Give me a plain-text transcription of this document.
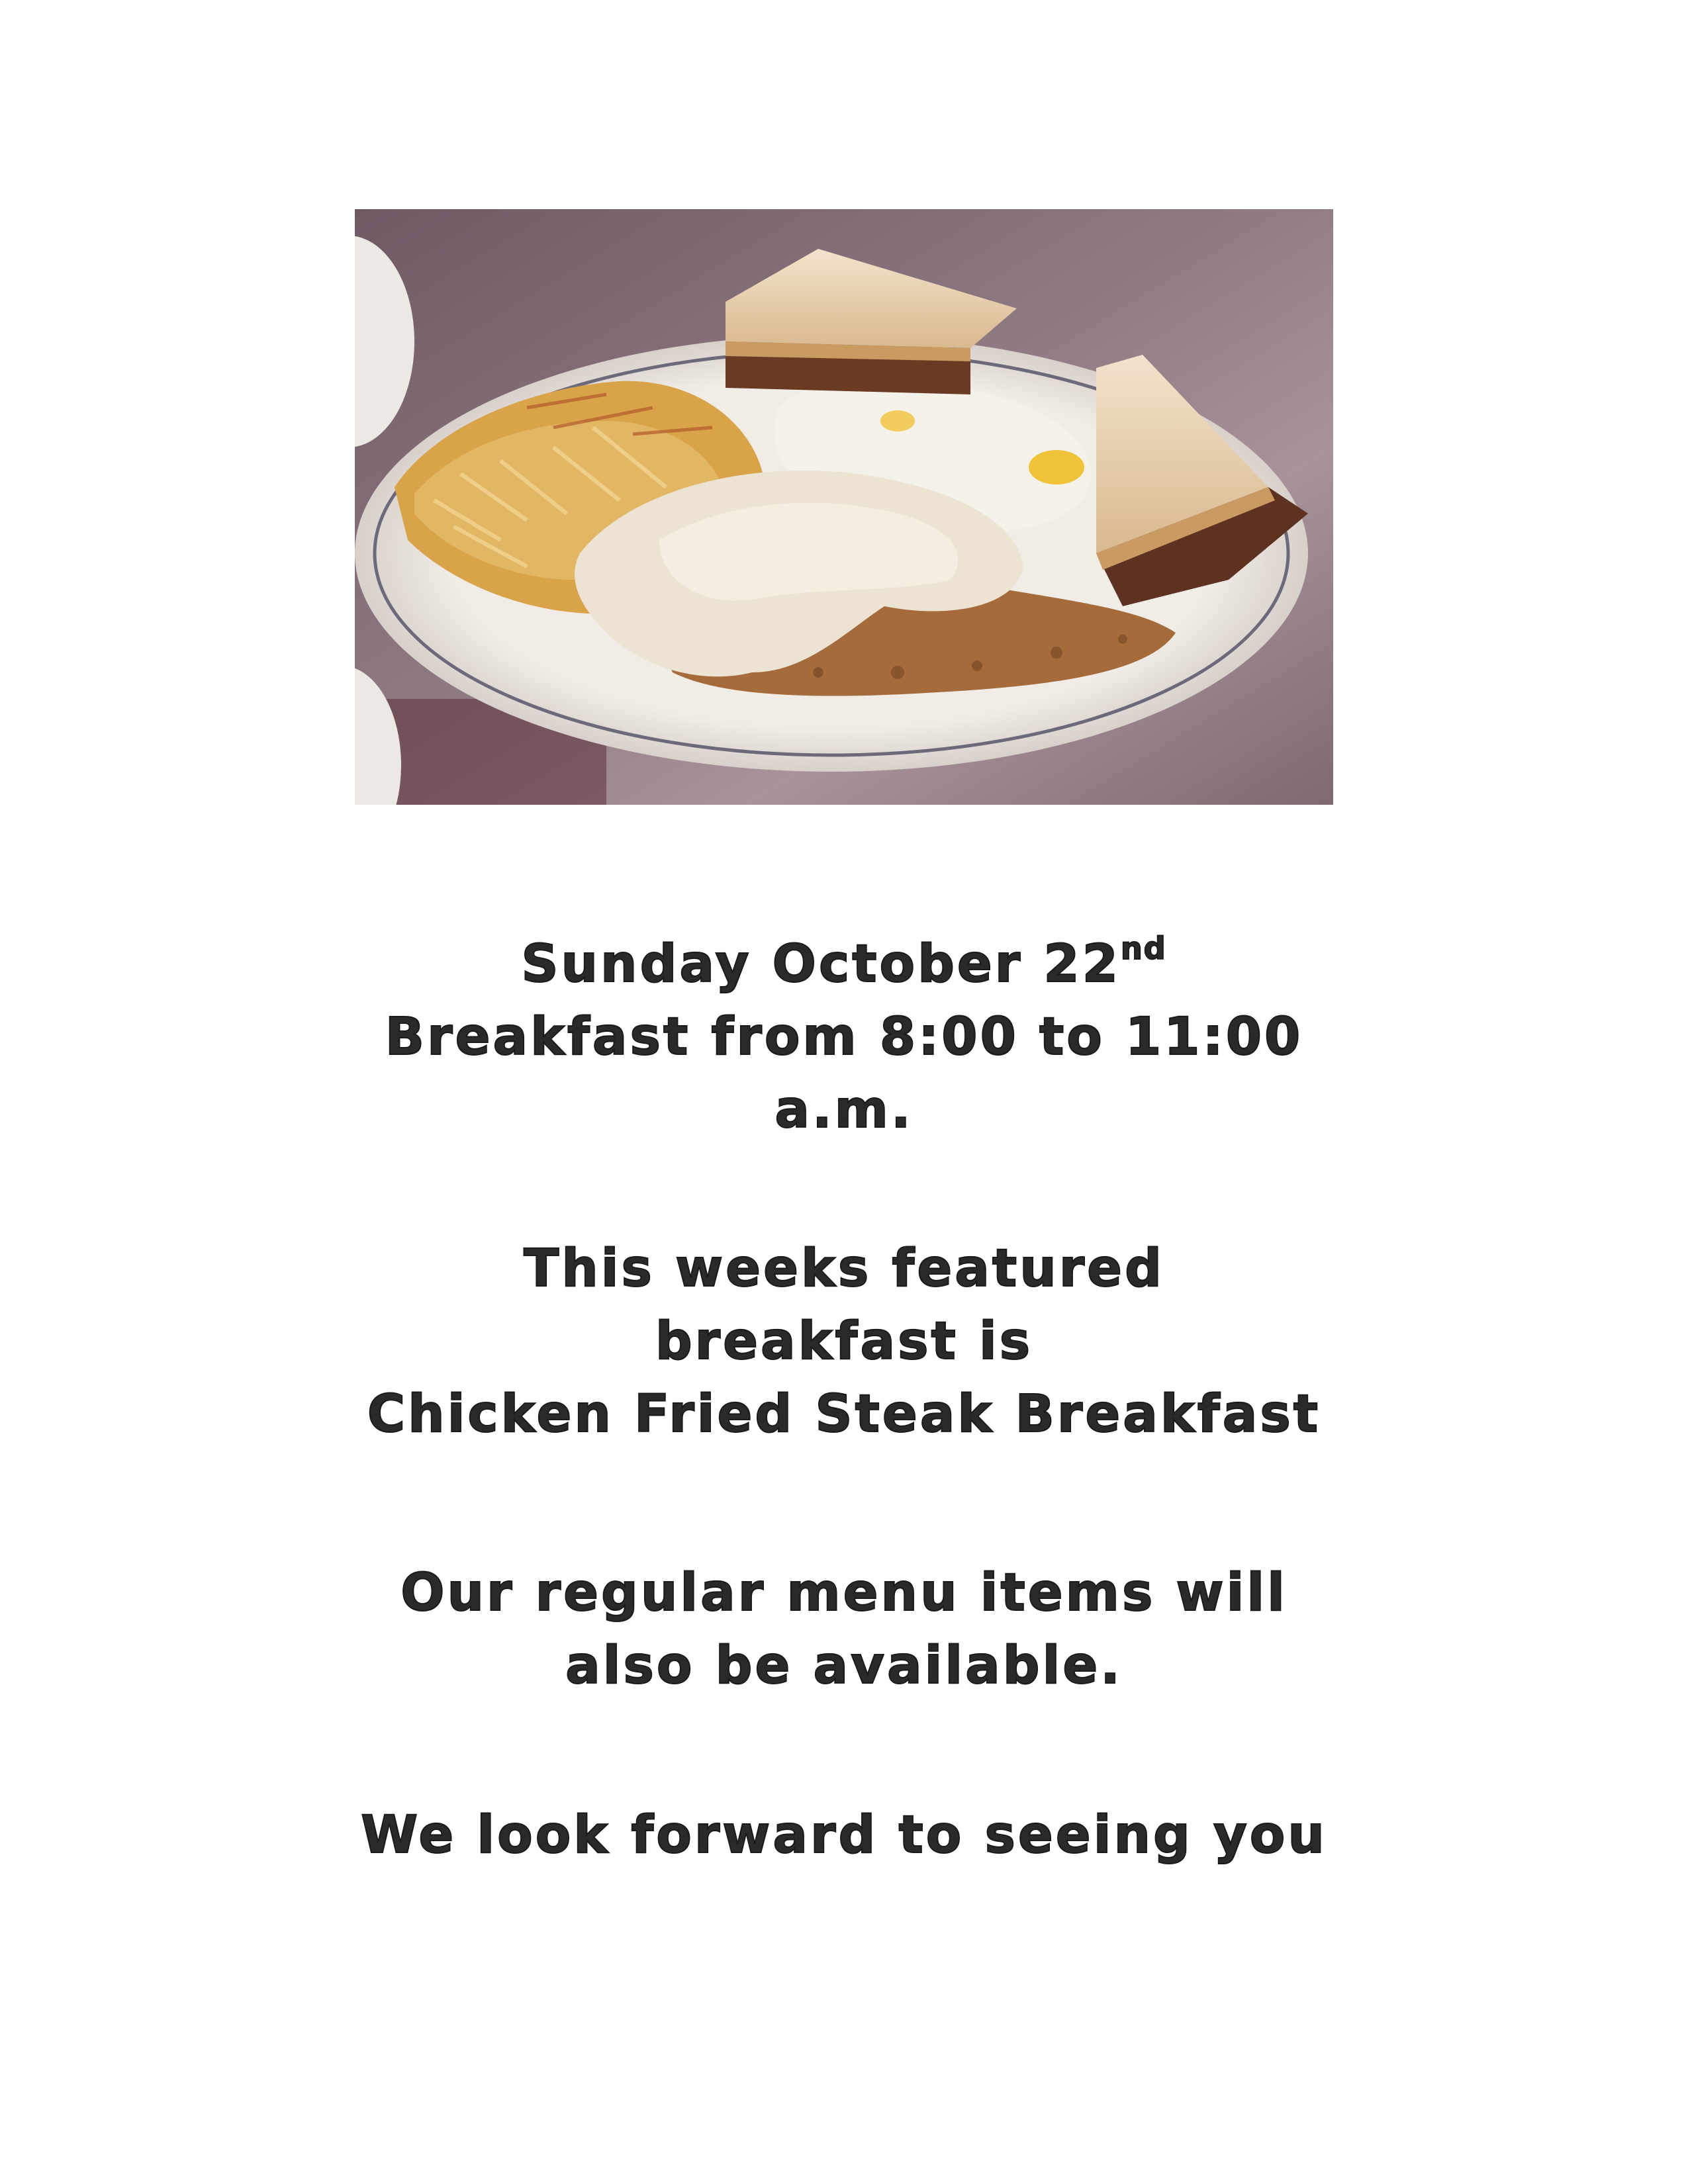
Sunday October 22nd
Breakfast from 8:00 to 11:00
a.m.
This weeks featured
breakfast is
Chicken Fried Steak Breakfast
Our regular menu items will
also be available.
We look forward to seeing you
